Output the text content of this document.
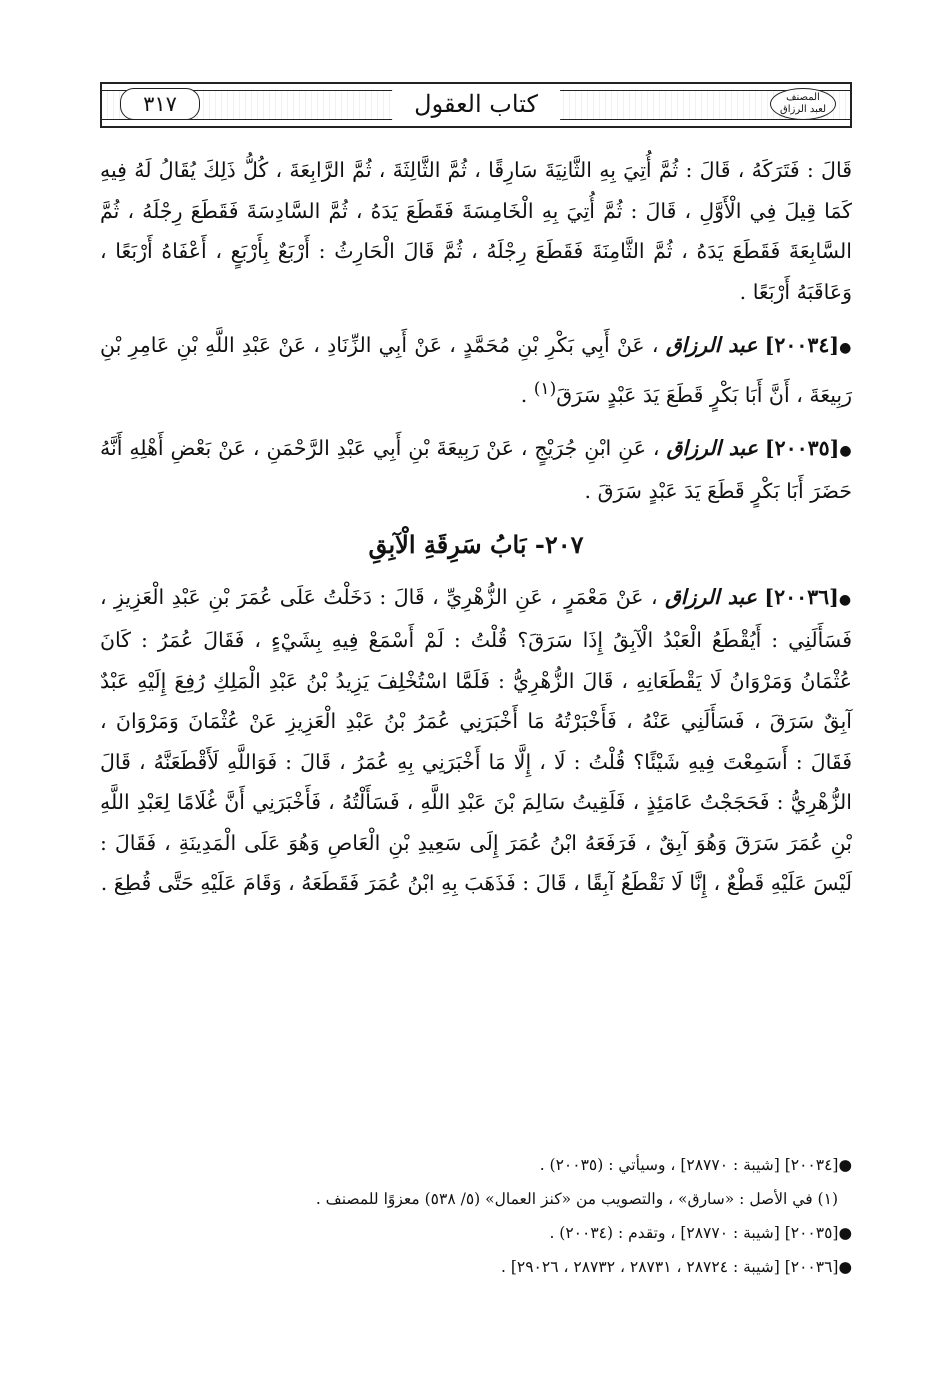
٣١٧	كتاب العقول	المصنف
لعبد الرزاق

قَالَ : فَتَرَكَهُ ، قَالَ : ثُمَّ أُتِيَ بِهِ الثَّانِيَةَ سَارِقًا ، ثُمَّ الثَّالِثَةَ ، ثُمَّ الرَّابِعَةَ ، كُلُّ ذَلِكَ يُقَالُ لَهُ فِيهِ كَمَا قِيلَ فِي الْأَوَّلِ ، قَالَ : ثُمَّ أُتِيَ بِهِ الْخَامِسَةَ فَقَطَعَ يَدَهُ ، ثُمَّ السَّادِسَةَ فَقَطَعَ رِجْلَهُ ، ثُمَّ السَّابِعَةَ فَقَطَعَ يَدَهُ ، ثُمَّ الثَّامِنَةَ فَقَطَعَ رِجْلَهُ ، ثُمَّ قَالَ الْحَارِثُ : أَرْبَعٌ بِأَرْبَعٍ ، أَعْفَاهُ أَرْبَعًا ، وَعَاقَبَهُ أَرْبَعًا .

●[٢٠٠٣٤] عبد الرزاق ، عَنْ أَبِي بَكْرِ بْنِ مُحَمَّدٍ ، عَنْ أَبِي الزِّنَادِ ، عَنْ عَبْدِ اللَّهِ بْنِ عَامِرِ بْنِ رَبِيعَةَ ، أَنَّ أَبَا بَكْرٍ قَطَعَ يَدَ عَبْدٍ سَرَقَ$^{(١)}$ .

●[٢٠٠٣٥] عبد الرزاق ، عَنِ ابْنِ جُرَيْجٍ ، عَنْ رَبِيعَةَ بْنِ أَبِي عَبْدِ الرَّحْمَنِ ، عَنْ بَعْضِ أَهْلِهِ أَنَّهُ حَضَرَ أَبَا بَكْرٍ قَطَعَ يَدَ عَبْدٍ سَرَقَ .

٢٠٧- بَابُ سَرِقَةِ الْآبِقِ

●[٢٠٠٣٦] عبد الرزاق ، عَنْ مَعْمَرٍ ، عَنِ الزُّهْرِيِّ ، قَالَ : دَخَلْتُ عَلَى عُمَرَ بْنِ عَبْدِ الْعَزِيزِ ، فَسَأَلَنِي : أَيُقْطَعُ الْعَبْدُ الْآبِقُ إِذَا سَرَقَ؟ قُلْتُ : لَمْ أَسْمَعْ فِيهِ بِشَيْءٍ ، فَقَالَ عُمَرُ : كَانَ عُثْمَانُ وَمَرْوَانُ لَا يَقْطَعَانِهِ ، قَالَ الزُّهْرِيُّ : فَلَمَّا اسْتُخْلِفَ يَزِيدُ بْنُ عَبْدِ الْمَلِكِ رُفِعَ إِلَيْهِ عَبْدٌ آبِقٌ سَرَقَ ، فَسَأَلَنِي عَنْهُ ، فَأَخْبَرْتُهُ مَا أَخْبَرَنِي عُمَرُ بْنُ عَبْدِ الْعَزِيزِ عَنْ عُثْمَانَ وَمَرْوَانَ ، فَقَالَ : أَسَمِعْتَ فِيهِ شَيْئًا؟ قُلْتُ : لَا ، إِلَّا مَا أَخْبَرَنِي بِهِ عُمَرُ ، قَالَ : فَوَاللَّهِ لَأَقْطَعَنَّهُ ، قَالَ الزُّهْرِيُّ : فَحَجَجْتُ عَامَئِذٍ ، فَلَقِيتُ سَالِمَ بْنَ عَبْدِ اللَّهِ ، فَسَأَلْتُهُ ، فَأَخْبَرَنِي أَنَّ غُلَامًا لِعَبْدِ اللَّهِ بْنِ عُمَرَ سَرَقَ وَهُوَ آبِقٌ ، فَرَفَعَهُ ابْنُ عُمَرَ إِلَى سَعِيدِ بْنِ الْعَاصِ وَهُوَ عَلَى الْمَدِينَةِ ، فَقَالَ : لَيْسَ عَلَيْهِ قَطْعٌ ، إِنَّا لَا نَقْطَعُ آبِقًا ، قَالَ : فَذَهَبَ بِهِ ابْنُ عُمَرَ فَقَطَعَهُ ، وَقَامَ عَلَيْهِ حَتَّى قُطِعَ .

●[٢٠٠٣٤] [شيبة : ٢٨٧٧٠] ، وسيأتي : (٢٠٠٣٥) .
(١) في الأصل : «سارق» ، والتصويب من «كنز العمال» (٥/ ٥٣٨) معزوًا للمصنف .
●[٢٠٠٣٥] [شيبة : ٢٨٧٧٠] ، وتقدم : (٢٠٠٣٤) .
●[٢٠٠٣٦] [شيبة : ٢٨٧٢٤ ، ٢٨٧٣١ ، ٢٨٧٣٢ ، ٢٩٠٢٦] .
